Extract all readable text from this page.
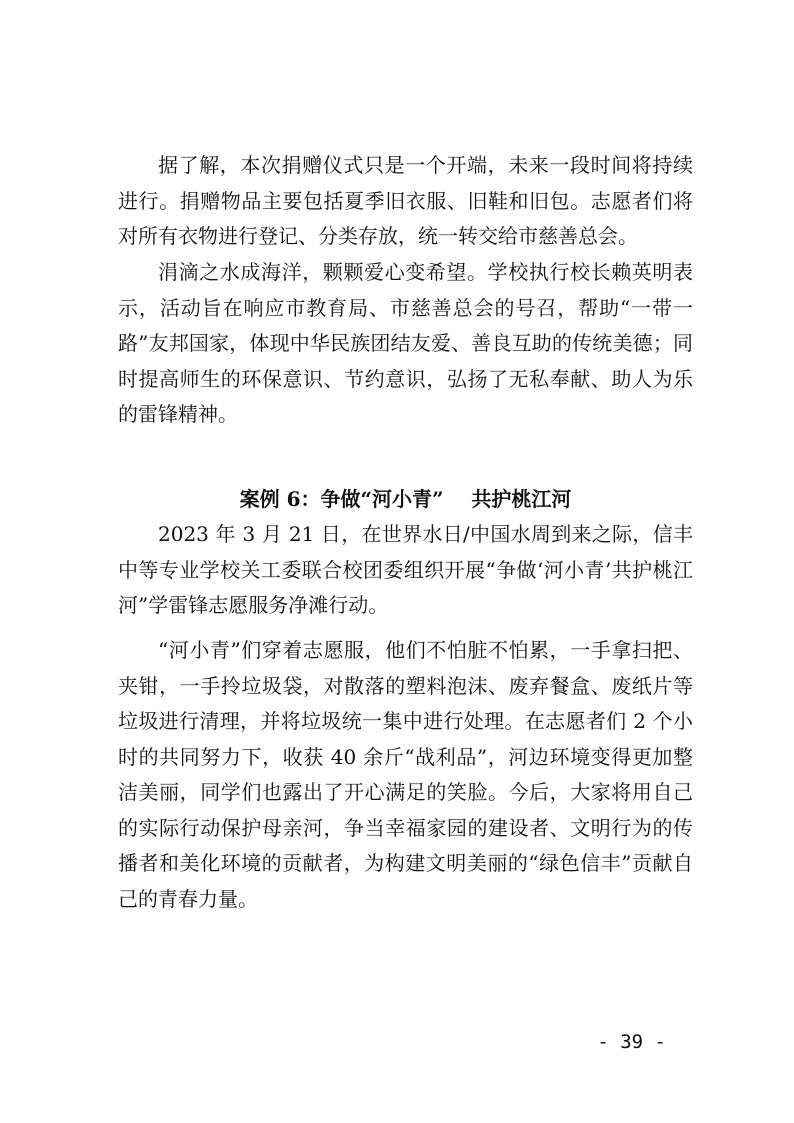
据了解，本次捐赠仪式只是一个开端，未来一段时间将持续进行。捐赠物品主要包括夏季旧衣服、旧鞋和旧包。志愿者们将对所有衣物进行登记、分类存放，统一转交给市慈善总会。

涓滴之水成海洋，颗颗爱心变希望。学校执行校长赖英明表示，活动旨在响应市教育局、市慈善总会的号召，帮助“一带一路”友邦国家，体现中华民族团结友爱、善良互助的传统美德；同时提高师生的环保意识、节约意识，弘扬了无私奉献、助人为乐的雷锋精神。

案例 6：争做“河小青”    共护桃江河

2023 年 3 月 21 日，在世界水日/中国水周到来之际，信丰中等专业学校关工委联合校团委组织开展“争做‘河小青’共护桃江河”学雷锋志愿服务净滩行动。

“河小青”们穿着志愿服，他们不怕脏不怕累，一手拿扫把、夹钳，一手拎垃圾袋，对散落的塑料泡沫、废弃餐盒、废纸片等垃圾进行清理，并将垃圾统一集中进行处理。在志愿者们 2 个小时的共同努力下，收获 40 余斤“战利品”，河边环境变得更加整洁美丽，同学们也露出了开心满足的笑脸。今后，大家将用自己的实际行动保护母亲河，争当幸福家园的建设者、文明行为的传播者和美化环境的贡献者，为构建文明美丽的“绿色信丰”贡献自己的青春力量。

- 39 -
